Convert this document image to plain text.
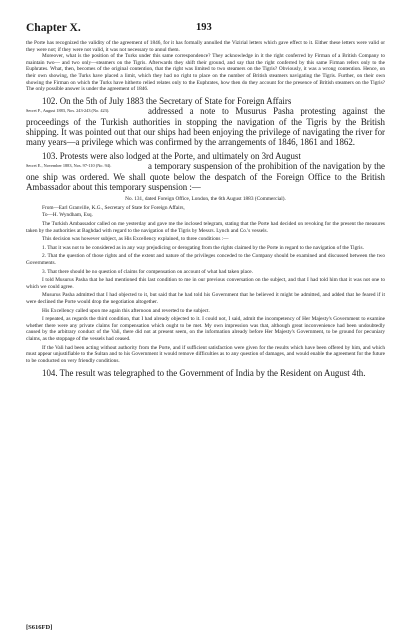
Chapter X.	193

the Porte has recognized the validity of the agreement of 1846, for it has formally annulled the Vizirial letters which gave effect to it. Either these letters were valid or they were not; if they were not valid, it was not necessary to annul them.

Moreover, what is the position of the Turks under this same correspondence? They acknowledge in it the right conferred by Firman of a British Company to maintain two— and two only—steamers on the Tigris. Afterwards they shift their ground, and say that the right conferred by this same Firman refers only to the Euphrates. What, then, becomes of the original contention, that the right was limited to two steamers on the Tigris? Obviously, it was a wrong contention. Hence, on their own showing, the Turks have placed a limit, which they had no right to place on the number of British steamers navigating the Tigris. Further, on their own showing the Firman on which the Turks have hitherto relied relates only to the Euphrates, how then do they account for the presence of British steamers on the Tigris? The only possible answer is under the agreement of 1846.

102. On the 5th of July 1883 the Secretary of State for Foreign Affairs

Secret F., August 1883, Nos. 243-243 (No. 423).	addressed a note to Musurus Pasha protesting against the proceedings of the Turkish authorities in stopping the navigation of the Tigris by the British shipping. It was pointed out that our ships had been enjoying the privilege of navigating the river for many years—a privilege which was confirmed by the arrangements of 1846, 1861 and 1862.

103. Protests were also lodged at the Porte, and ultimately on 3rd August

Secret E., November 1883, Nos. 97-110 (No. 94).	a temporary suspension of the prohibition of the navigation by the one ship was ordered. We shall quote below the despatch of the Foreign Office to the British Ambassador about this temporary suspension :—

No. 131, dated Foreign Office, London, the 6th August 1883 (Commercial).

From—Earl Granville, K.G., Secretary of State for Foreign Affairs,

To—H. Wyndham, Esq.

The Turkish Ambassador called on me yesterday and gave me the inclosed telegram, stating that the Porte had decided on revoking for the present the measures taken by the authorities at Baghdad with regard to the navigation of the Tigris by Messrs. Lynch and Co.'s vessels.

This decision was however subject, as His Excellency explained, to three conditions :—

1. That it was not to be considered as in any way prejudicing or derogating from the rights claimed by the Porte in regard to the navigation of the Tigris.

2. That the question of those rights and of the extent and nature of the privileges conceded to the Company should be examined and discussed between the two Governments.

3. That there should be no question of claims for compensation on account of what had taken place.

I told Musurus Pasha that he had mentioned this last condition to me in our previous conversation on the subject, and that I had told him that it was not one to which we could agree.

Musurus Pasha admitted that I had objected to it, but said that he had told his Government that he believed it might be admitted, and added that he feared if it were declined the Porte would drop the negotiation altogether.

His Excellency called upon me again this afternoon and reverted to the subject.

I repeated, as regards the third condition, that I had already objected to it. I could not, I said, admit the incompetency of Her Majesty's Government to examine whether there were any private claims for compensation which ought to be met. My own impression was that, although great inconvenience had been undoubtedly caused by the arbitrary conduct of the Vali, there did not at present seem, on the information already before Her Majesty's Government, to be ground for pecuniary claims, as the stoppage of the vessels had ceased.

If the Vali had been acting without authority from the Porte, and if sufficient satisfaction were given for the results which have been offered by him, and which must appear unjustifiable to the Sultan and to his Government it would remove difficulties as to any question of damages, and would enable the agreement for the future to be conducted on very friendly conditions.

104. The result was telegraphed to the Government of India by the Resident on August 4th.

[S616FD]
